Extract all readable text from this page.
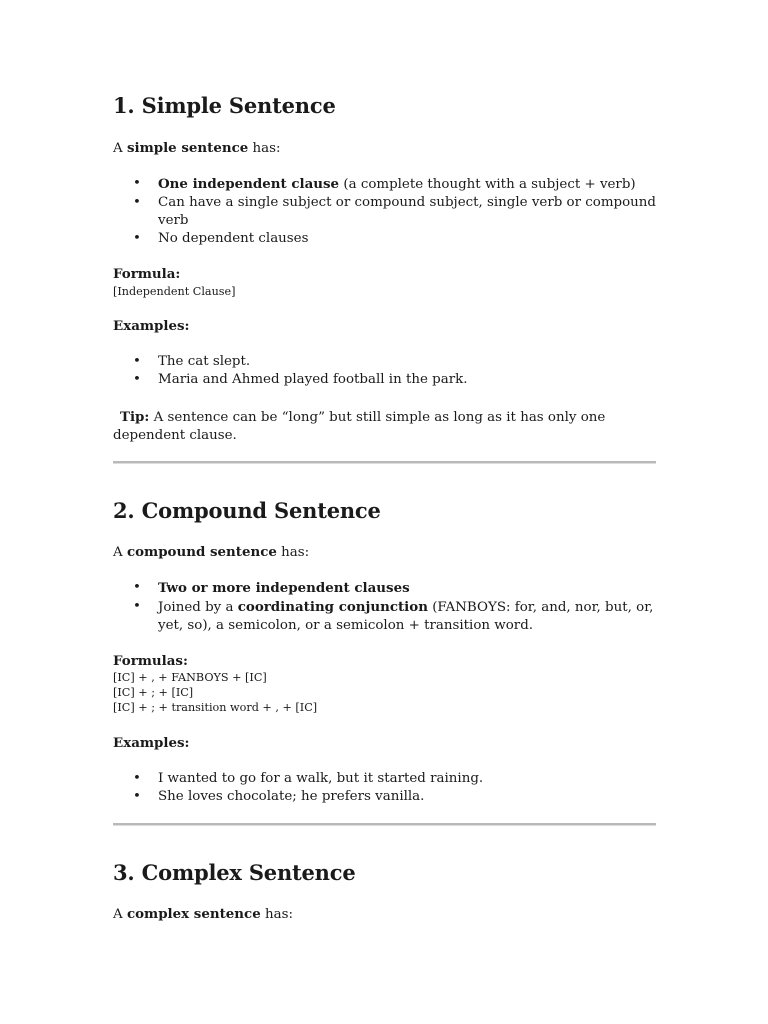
1. Simple Sentence

A simple sentence has:

• One independent clause (a complete thought with a subject + verb)
• Can have a single subject or compound subject, single verb or compound verb
• No dependent clauses

Formula:

[Independent Clause]

Examples:

• The cat slept.
• Maria and Ahmed played football in the park.

Tip: A sentence can be “long” but still simple as long as it has only one dependent clause.

2. Compound Sentence

A compound sentence has:

• Two or more independent clauses
• Joined by a coordinating conjunction (FANBOYS: for, and, nor, but, or, yet, so), a semicolon, or a semicolon + transition word.

Formulas:

[IC] + , + FANBOYS + [IC]

[IC] + ; + [IC]

[IC] + ; + transition word + , + [IC]

Examples:

• I wanted to go for a walk, but it started raining.
• She loves chocolate; he prefers vanilla.
3. Complex Sentence

A complex sentence has:
